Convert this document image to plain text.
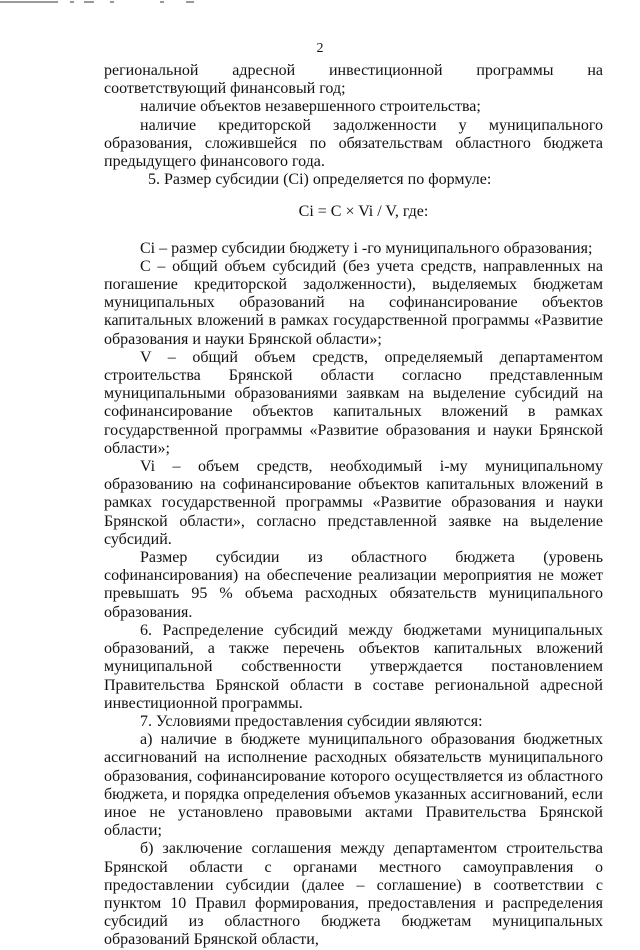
2

региональной адресной инвестиционной программы на соответствующий финансовый год;

наличие объектов незавершенного строительства;

наличие кредиторской задолженности у муниципального образования, сложившейся по обязательствам областного бюджета предыдущего финансового года.

5. Размер субсидии (Ci) определяется по формуле:

Ci = C × Vi / V, где:

Ci – размер субсидии бюджету i -го муниципального образования;

C – общий объем субсидий (без учета средств, направленных на погашение кредиторской задолженности), выделяемых бюджетам муниципальных образований на софинансирование объектов капитальных вложений в рамках государственной программы «Развитие образования и науки Брянской области»;

V – общий объем средств, определяемый департаментом строительства Брянской области согласно представленным муниципальными образованиями заявкам на выделение субсидий на софинансирование объектов капитальных вложений в рамках государственной программы «Развитие образования и науки Брянской области»;

Vi – объем средств, необходимый i-му муниципальному образованию на софинансирование объектов капитальных вложений в рамках государственной программы «Развитие образования и науки Брянской области», согласно представленной заявке на выделение субсидий.

Размер субсидии из областного бюджета (уровень софинансирования) на обеспечение реализации мероприятия не может превышать 95 % объема расходных обязательств муниципального образования.

6. Распределение субсидий между бюджетами муниципальных образований, а также перечень объектов капитальных вложений муниципальной собственности утверждается постановлением Правительства Брянской области в составе региональной адресной инвестиционной программы.

7. Условиями предоставления субсидии являются:

а) наличие в бюджете муниципального образования бюджетных ассигнований на исполнение расходных обязательств муниципального образования, софинансирование которого осуществляется из областного бюджета, и порядка определения объемов указанных ассигнований, если иное не установлено правовыми актами Правительства Брянской области;

б) заключение соглашения между департаментом строительства Брянской области с органами местного самоуправления о предоставлении субсидии (далее – соглашение) в соответствии с пунктом 10 Правил формирования, предоставления и распределения субсидий из областного бюджета бюджетам муниципальных образований Брянской области,
